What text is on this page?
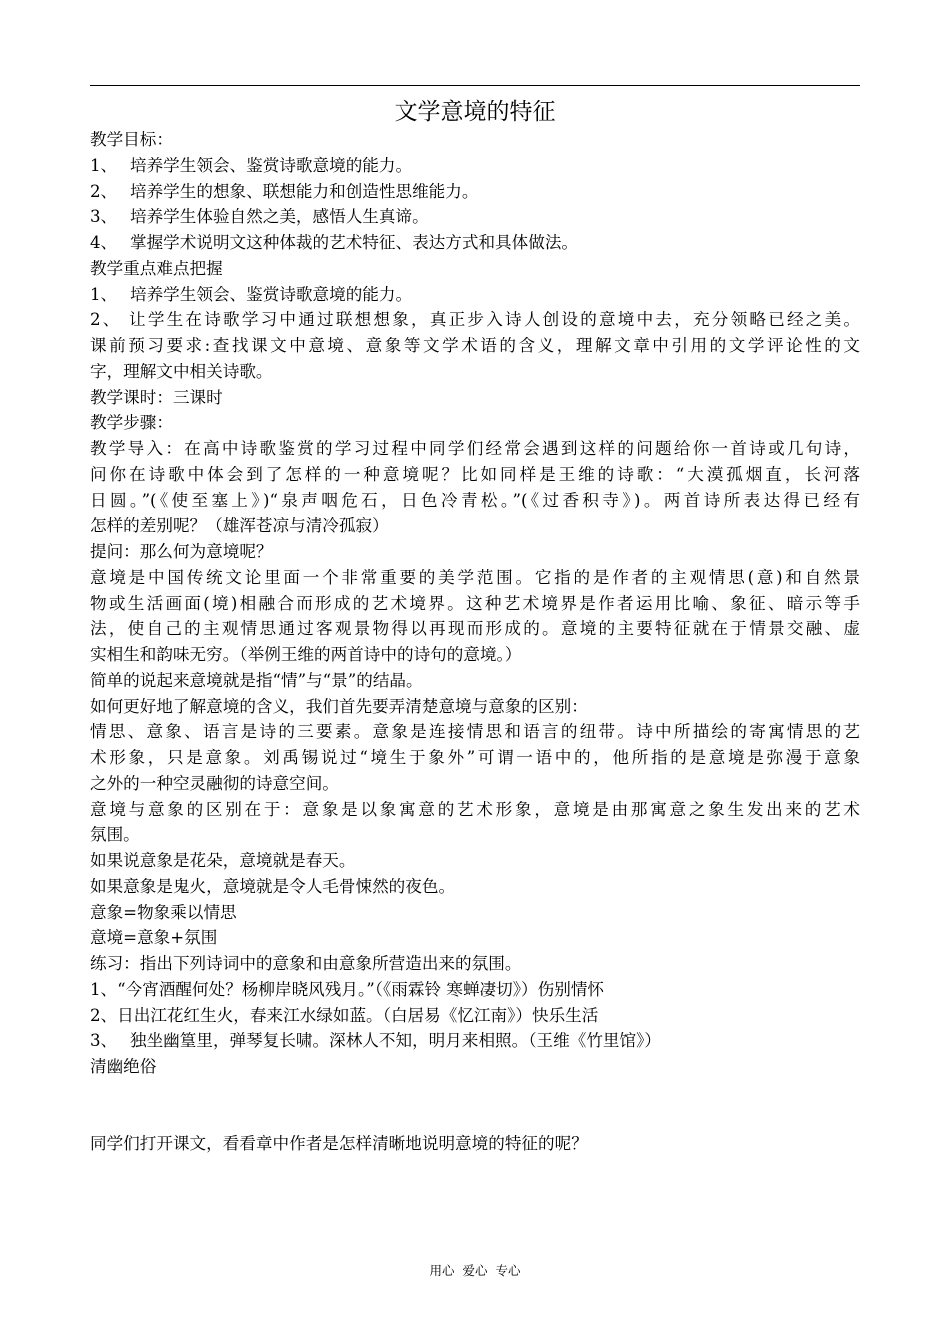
文学意境的特征

教学目标：

1、 培养学生领会、鉴赏诗歌意境的能力。

2、 培养学生的想象、联想能力和创造性思维能力。

3、 培养学生体验自然之美，感悟人生真谛。

4、 掌握学术说明文这种体裁的艺术特征、表达方式和具体做法。

教学重点难点把握

1、 培养学生领会、鉴赏诗歌意境的能力。

2、 让学生在诗歌学习中通过联想想象，真正步入诗人创设的意境中去，充分领略已经之美。

课前预习要求:查找课文中意境、意象等文学术语的含义，理解文章中引用的文学评论性的文

字，理解文中相关诗歌。

教学课时：三课时

教学步骤：

教学导入：在高中诗歌鉴赏的学习过程中同学们经常会遇到这样的问题给你一首诗或几句诗，

问你在诗歌中体会到了怎样的一种意境呢？比如同样是王维的诗歌：“大漠孤烟直，长河落

日圆。”(《使至塞上》)“泉声咽危石，日色冷青松。”(《过香积寺》)。两首诗所表达得已经有

怎样的差别呢？（雄浑苍凉与清冷孤寂）

提问：那么何为意境呢？

意境是中国传统文论里面一个非常重要的美学范围。它指的是作者的主观情思(意)和自然景

物或生活画面(境)相融合而形成的艺术境界。这种艺术境界是作者运用比喻、象征、暗示等手

法，使自己的主观情思通过客观景物得以再现而形成的。意境的主要特征就在于情景交融、虚

实相生和韵味无穷。（举例王维的两首诗中的诗句的意境。）

简单的说起来意境就是指“情”与“景”的结晶。

如何更好地了解意境的含义，我们首先要弄清楚意境与意象的区别：

情思、意象、语言是诗的三要素。意象是连接情思和语言的纽带。诗中所描绘的寄寓情思的艺

术形象，只是意象。刘禹锡说过“境生于象外”可谓一语中的，他所指的是意境是弥漫于意象

之外的一种空灵融彻的诗意空间。

意境与意象的区别在于：意象是以象寓意的艺术形象，意境是由那寓意之象生发出来的艺术

氛围。

如果说意象是花朵，意境就是春天。

如果意象是鬼火，意境就是令人毛骨悚然的夜色。

意象=物象乘以情思

意境=意象+氛围

练习：指出下列诗词中的意象和由意象所营造出来的氛围。

1、“今宵酒醒何处？杨柳岸晓风残月。”（《雨霖铃 寒蝉凄切》）伤别情怀

2、日出江花红生火，春来江水绿如蓝。（白居易《忆江南》）快乐生活

3、 独坐幽篁里，弹琴复长啸。深林人不知，明月来相照。（王维《竹里馆》）

清幽绝俗

同学们打开课文，看看章中作者是怎样清晰地说明意境的特征的呢？

用心  爱心  专心
